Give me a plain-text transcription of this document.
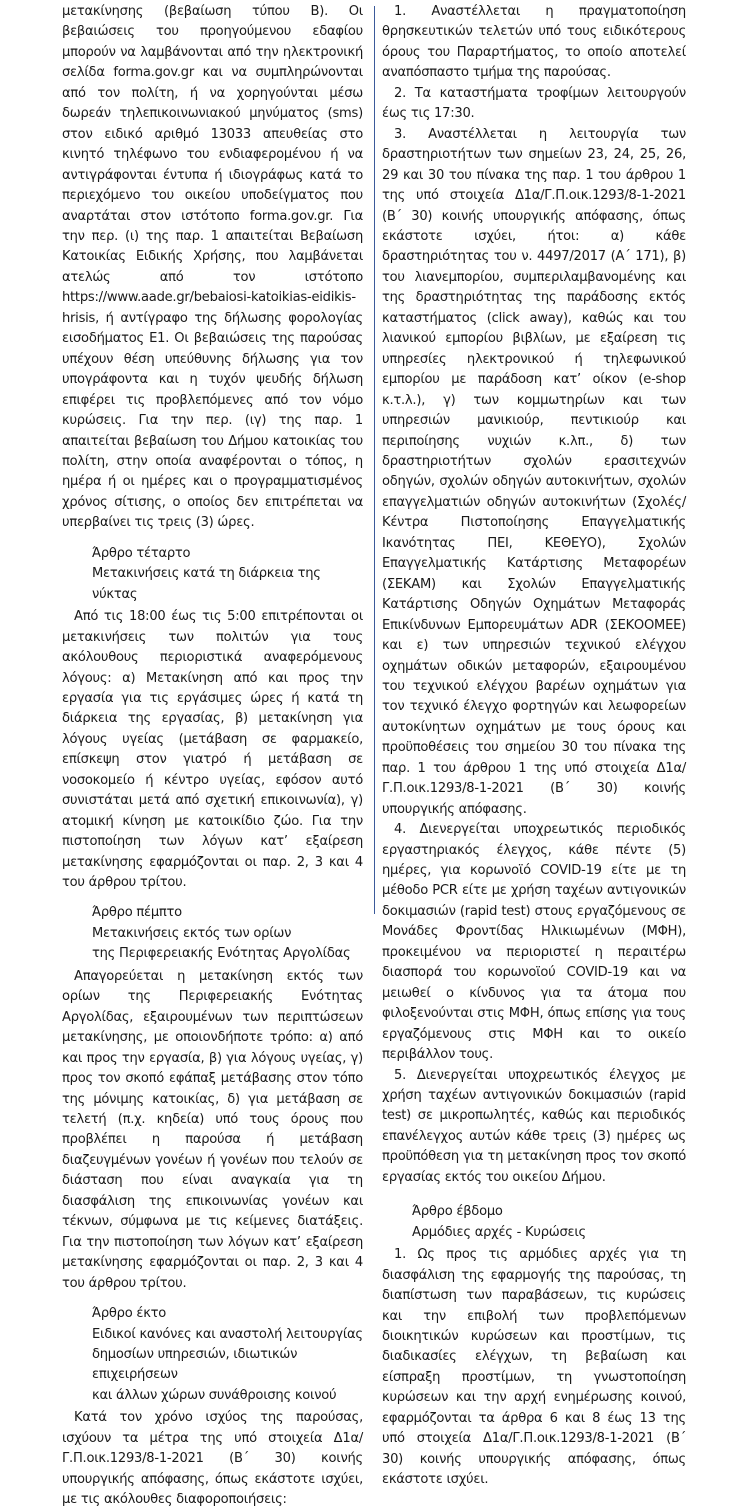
μετακίνησης (βεβαίωση τύπου Β). Οι βεβαιώσεις του προηγούμενου εδαφίου μπορούν να λαμβάνονται από την ηλεκτρονική σελίδα forma.gov.gr και να συμπληρώνονται από τον πολίτη, ή να χορηγούνται μέσω δωρεάν τηλεπικοινωνιακού μηνύματος (sms) στον ειδικό αριθμό 13033 απευθείας στο κινητό τηλέφωνο του ενδιαφερομένου ή να αντιγράφονται έντυπα ή ιδιογράφως κατά το περιεχόμενο του οικείου υποδείγματος που αναρτάται στον ιστότοπο forma.gov.gr. Για την περ. (ι) της παρ. 1 απαιτείται Βεβαίωση Κατοικίας Ειδικής Χρήσης, που λαμβάνεται ατελώς από τον ιστότοπο https://www.aade.gr/bebaiosi-katoikias-eidikis-hrisis, ή αντίγραφο της δήλωσης φορολογίας εισοδήματος Ε1. Οι βεβαιώσεις της παρούσας υπέχουν θέση υπεύθυνης δήλωσης για τον υπογράφοντα και η τυχόν ψευδής δήλωση επιφέρει τις προβλεπόμενες από τον νόμο κυρώσεις. Για την περ. (ιγ) της παρ. 1 απαιτείται βεβαίωση του Δήμου κατοικίας του πολίτη, στην οποία αναφέρονται ο τόπος, η ημέρα ή οι ημέρες και ο προγραμματισμένος χρόνος σίτισης, ο οποίος δεν επιτρέπεται να υπερβαίνει τις τρεις (3) ώρες.

Άρθρο τέταρτο
Μετακινήσεις κατά τη διάρκεια της νύκτας

Από τις 18:00 έως τις 5:00 επιτρέπονται οι μετακινήσεις των πολιτών για τους ακόλουθους περιοριστικά αναφερόμενους λόγους: α) Μετακίνηση από και προς την εργασία για τις εργάσιμες ώρες ή κατά τη διάρκεια της εργασίας, β) μετακίνηση για λόγους υγείας (μετάβαση σε φαρμακείο, επίσκεψη στον γιατρό ή μετάβαση σε νοσοκομείο ή κέντρο υγείας, εφόσον αυτό συνιστάται μετά από σχετική επικοινωνία), γ) ατομική κίνηση με κατοικίδιο ζώο. Για την πιστοποίηση των λόγων κατ’ εξαίρεση μετακίνησης εφαρμόζονται οι παρ. 2, 3 και 4 του άρθρου τρίτου.

Άρθρο πέμπτο
Μετακινήσεις εκτός των ορίων
της Περιφερειακής Ενότητας Αργολίδας

Απαγορεύεται η μετακίνηση εκτός των ορίων της Περιφερειακής Ενότητας Αργολίδας, εξαιρουμένων των περιπτώσεων μετακίνησης, με οποιονδήποτε τρόπο: α) από και προς την εργασία, β) για λόγους υγείας, γ) προς τον σκοπό εφάπαξ μετάβασης στον τόπο της μόνιμης κατοικίας, δ) για μετάβαση σε τελετή (π.χ. κηδεία) υπό τους όρους που προβλέπει η παρούσα ή μετάβαση διαζευγμένων γονέων ή γονέων που τελούν σε διάσταση που είναι αναγκαία για τη διασφάλιση της επικοινωνίας γονέων και τέκνων, σύμφωνα με τις κείμενες διατάξεις. Για την πιστοποίηση των λόγων κατ’ εξαίρεση μετακίνησης εφαρμόζονται οι παρ. 2, 3 και 4 του άρθρου τρίτου.

Άρθρο έκτο
Ειδικοί κανόνες και αναστολή λειτουργίας
δημοσίων υπηρεσιών, ιδιωτικών επιχειρήσεων
και άλλων χώρων συνάθροισης κοινού

Κατά τον χρόνο ισχύος της παρούσας, ισχύουν τα μέτρα της υπό στοιχεία Δ1α/Γ.Π.οικ.1293/8-1-2021 (Β΄ 30) κοινής υπουργικής απόφασης, όπως εκάστοτε ισχύει, με τις ακόλουθες διαφοροποιήσεις:

1. Αναστέλλεται η πραγματοποίηση θρησκευτικών τελετών υπό τους ειδικότερους όρους του Παραρτήματος, το οποίο αποτελεί αναπόσπαστο τμήμα της παρούσας.

2. Τα καταστήματα τροφίμων λειτουργούν έως τις 17:30.

3. Αναστέλλεται η λειτουργία των δραστηριοτήτων των σημείων 23, 24, 25, 26, 29 και 30 του πίνακα της παρ. 1 του άρθρου 1 της υπό στοιχεία Δ1α/Γ.Π.οικ.1293/8-1-2021 (Β΄ 30) κοινής υπουργικής απόφασης, όπως εκάστοτε ισχύει, ήτοι: α) κάθε δραστηριότητας του ν. 4497/2017 (Α΄ 171), β) του λιανεμπορίου, συμπεριλαμβανομένης και της δραστηριότητας της παράδοσης εκτός καταστήματος (click away), καθώς και του λιανικού εμπορίου βιβλίων, με εξαίρεση τις υπηρεσίες ηλεκτρονικού ή τηλεφωνικού εμπορίου με παράδοση κατ’ οίκον (e-shop κ.τ.λ.), γ) των κομμωτηρίων και των υπηρεσιών μανικιούρ, πεντικιούρ και περιποίησης νυχιών κ.λπ., δ) των δραστηριοτήτων σχολών ερασιτεχνών οδηγών, σχολών οδηγών αυτοκινήτων, σχολών επαγγελματιών οδηγών αυτοκινήτων (Σχολές/Κέντρα Πιστοποίησης Επαγγελματικής Ικανότητας ΠΕΙ, ΚΕΘΕΥΟ), Σχολών Επαγγελματικής Κατάρτισης Μεταφορέων (ΣΕΚΑΜ) και Σχολών Επαγγελματικής Κατάρτισης Οδηγών Οχημάτων Μεταφοράς Επικίνδυνων Εμπορευμάτων ADR (ΣΕΚΟΟΜΕΕ) και ε) των υπηρεσιών τεχνικού ελέγχου οχημάτων οδικών μεταφορών, εξαιρουμένου του τεχνικού ελέγχου βαρέων οχημάτων για τον τεχνικό έλεγχο φορτηγών και λεωφορείων αυτοκίνητων οχημάτων με τους όρους και προϋποθέσεις του σημείου 30 του πίνακα της παρ. 1 του άρθρου 1 της υπό στοιχεία Δ1α/Γ.Π.οικ.1293/8-1-2021 (Β΄ 30) κοινής υπουργικής απόφασης.

4. Διενεργείται υποχρεωτικός περιοδικός εργαστηριακός έλεγχος, κάθε πέντε (5) ημέρες, για κορωνοϊό COVID-19 είτε με τη μέθοδο PCR είτε με χρήση ταχέων αντιγονικών δοκιμασιών (rapid test) στους εργαζόμενους σε Μονάδες Φροντίδας Ηλικιωμένων (ΜΦΗ), προκειμένου να περιοριστεί η περαιτέρω διασπορά του κορωνοϊού COVID-19 και να μειωθεί ο κίνδυνος για τα άτομα που φιλοξενούνται στις ΜΦΗ, όπως επίσης για τους εργαζόμενους στις ΜΦΗ και το οικείο περιβάλλον τους.

5. Διενεργείται υποχρεωτικός έλεγχος με χρήση ταχέων αντιγονικών δοκιμασιών (rapid test) σε μικροπωλητές, καθώς και περιοδικός επανέλεγχος αυτών κάθε τρεις (3) ημέρες ως προϋπόθεση για τη μετακίνηση προς τον σκοπό εργασίας εκτός του οικείου Δήμου.

Άρθρο έβδομο
Αρμόδιες αρχές - Κυρώσεις

1. Ως προς τις αρμόδιες αρχές για τη διασφάλιση της εφαρμογής της παρούσας, τη διαπίστωση των παραβάσεων, τις κυρώσεις και την επιβολή των προβλεπόμενων διοικητικών κυρώσεων και προστίμων, τις διαδικασίες ελέγχων, τη βεβαίωση και είσπραξη προστίμων, τη γνωστοποίηση κυρώσεων και την αρχή ενημέρωσης κοινού, εφαρμόζονται τα άρθρα 6 και 8 έως 13 της υπό στοιχεία Δ1α/Γ.Π.οικ.1293/8-1-2021 (Β΄ 30) κοινής υπουργικής απόφασης, όπως εκάστοτε ισχύει.
